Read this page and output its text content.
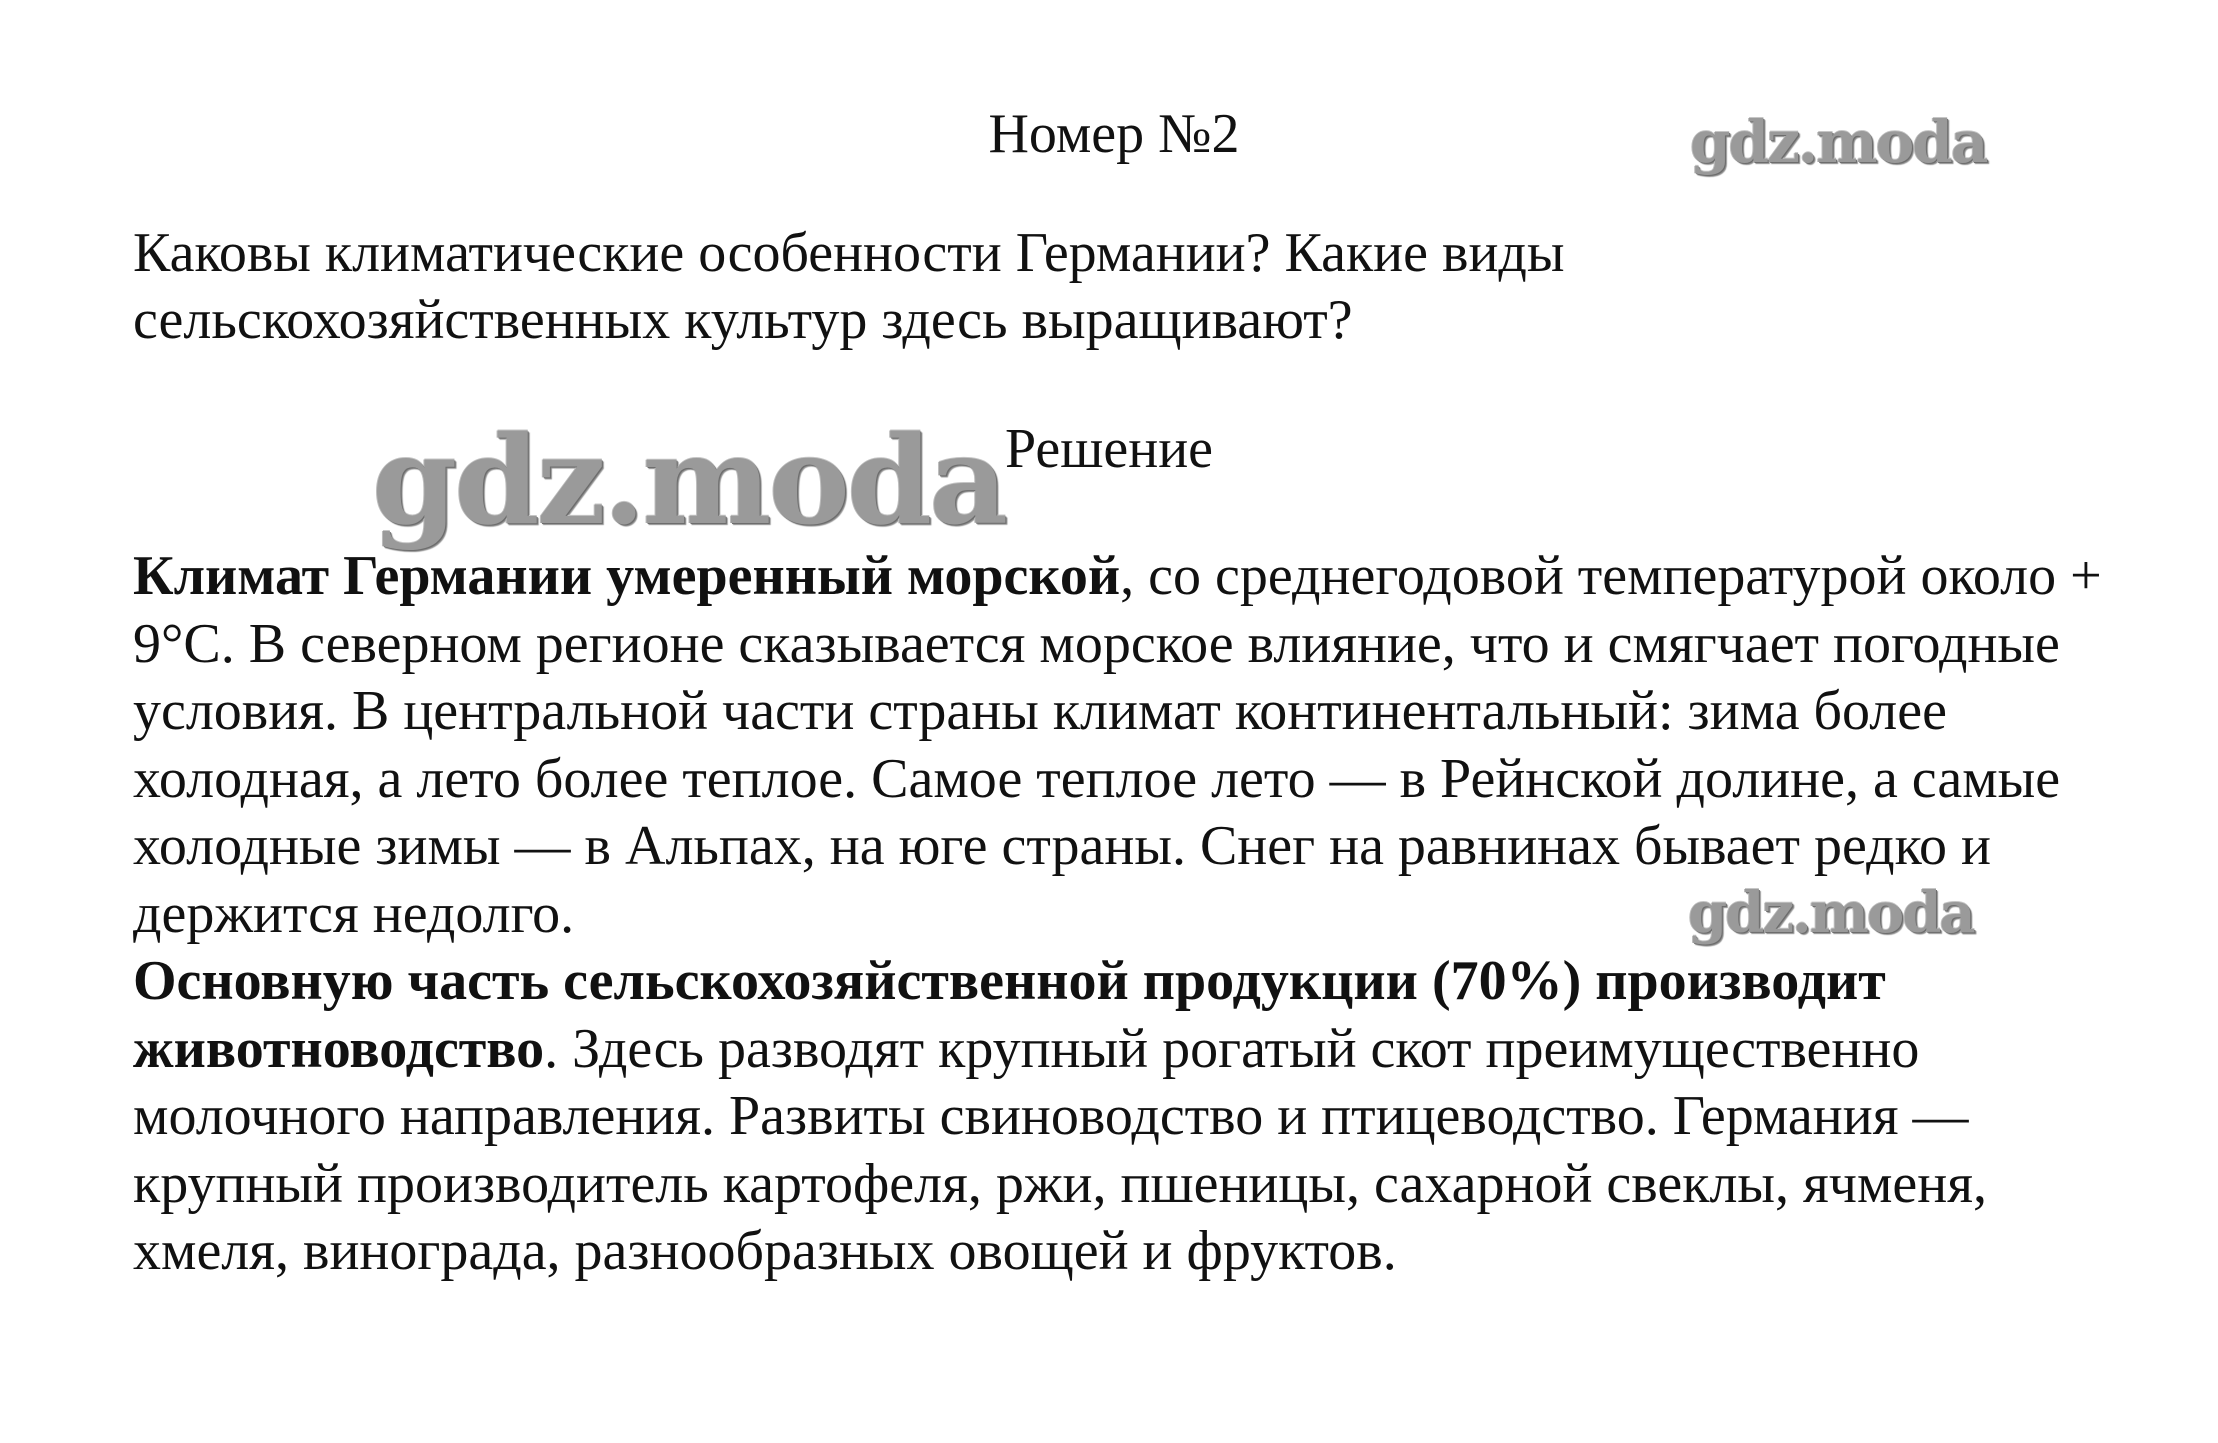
Номер №2	gdz.moda

Каковы климатические особенности Германии? Какие виды сельскохозяйственных культур здесь выращивают?

gdz.moda Решение

Климат Германии умеренный морской, со среднегодовой температурой около + 9°C. В северном регионе сказывается морское влияние, что и смягчает погодные условия. В центральной части страны климат континентальный: зима более холодная, а лето более теплое. Самое теплое лето — в Рейнской долине, а самые холодные зимы — в Альпах, на юге страны. Снег на равнинах бывает редко и держится недолго.

Основную часть сельскохозяйственной продукции (70%) производит животноводство. Здесь разводят крупный рогатый скот преимущественно молочного направления. Развиты свиноводство и птицеводство. Германия — крупный производитель картофеля, ржи, пшеницы, сахарной свеклы, ячменя, хмеля, винограда, разнообразных овощей и фруктов.

gdz.moda
